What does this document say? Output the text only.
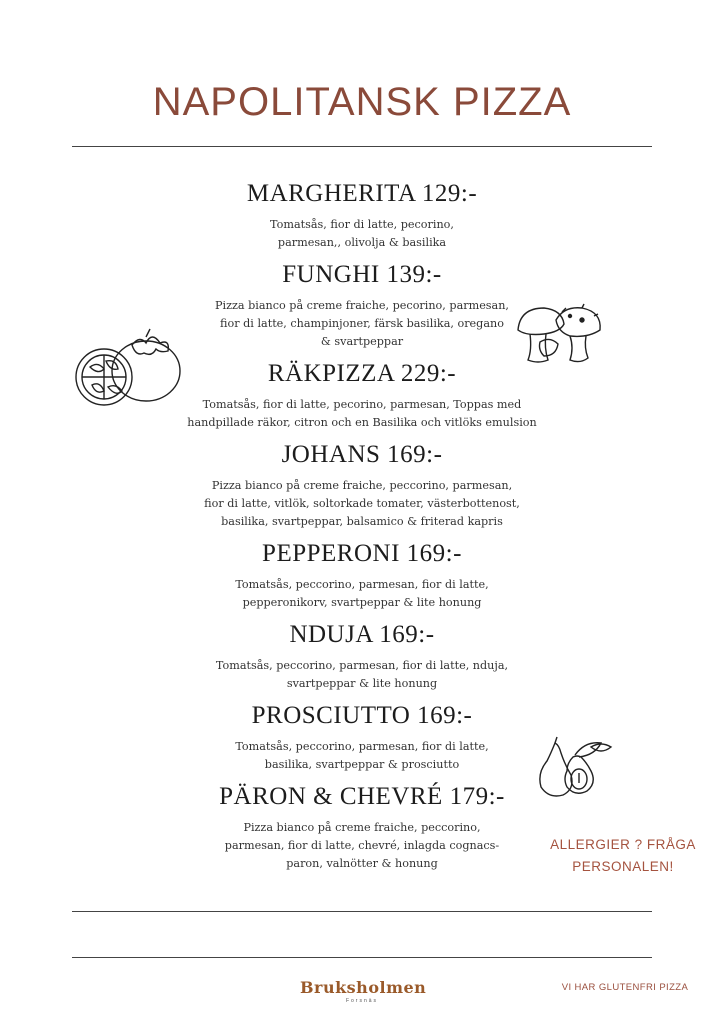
NAPOLITANSK PIZZA
MARGHERITA 129:-
Tomatsås, fior di latte, pecorino,
parmesan,, olivolja & basilika
FUNGHI 139:-
Pizza bianco på creme fraiche, pecorino, parmesan,
fior di latte, champinjoner, färsk basilika, oregano
& svartpeppar
RÄKPIZZA 229:-
Tomatsås, fior di latte, pecorino, parmesan, Toppas med
handpillade räkor, citron och en Basilika och vitlöks emulsion
JOHANS 169:-
Pizza bianco på creme fraiche, peccorino, parmesan,
fior di latte, vitlök, soltorkade tomater, västerbottenost,
basilika, svartpeppar, balsamico & friterad kapris
PEPPERONI 169:-
Tomatsås, peccorino, parmesan, fior di latte,
pepperonikorv, svartpeppar & lite honung
NDUJA 169:-
Tomatsås, peccorino, parmesan, fior di latte, nduja,
svartpeppar & lite honung
PROSCIUTTO 169:-
Tomatsås, peccorino, parmesan, fior di latte,
basilika, svartpeppar & prosciutto
PÄRON & CHEVRÉ 179:-
Pizza bianco på creme fraiche, peccorino,
parmesan, fior di latte, chevré, inlagda cognacs-
paron, valnötter & honung
ALLERGIER ? FRÅGA
PERSONALEN!
Bruksholmen
Forsnäs
VI HAR GLUTENFRI PIZZA
